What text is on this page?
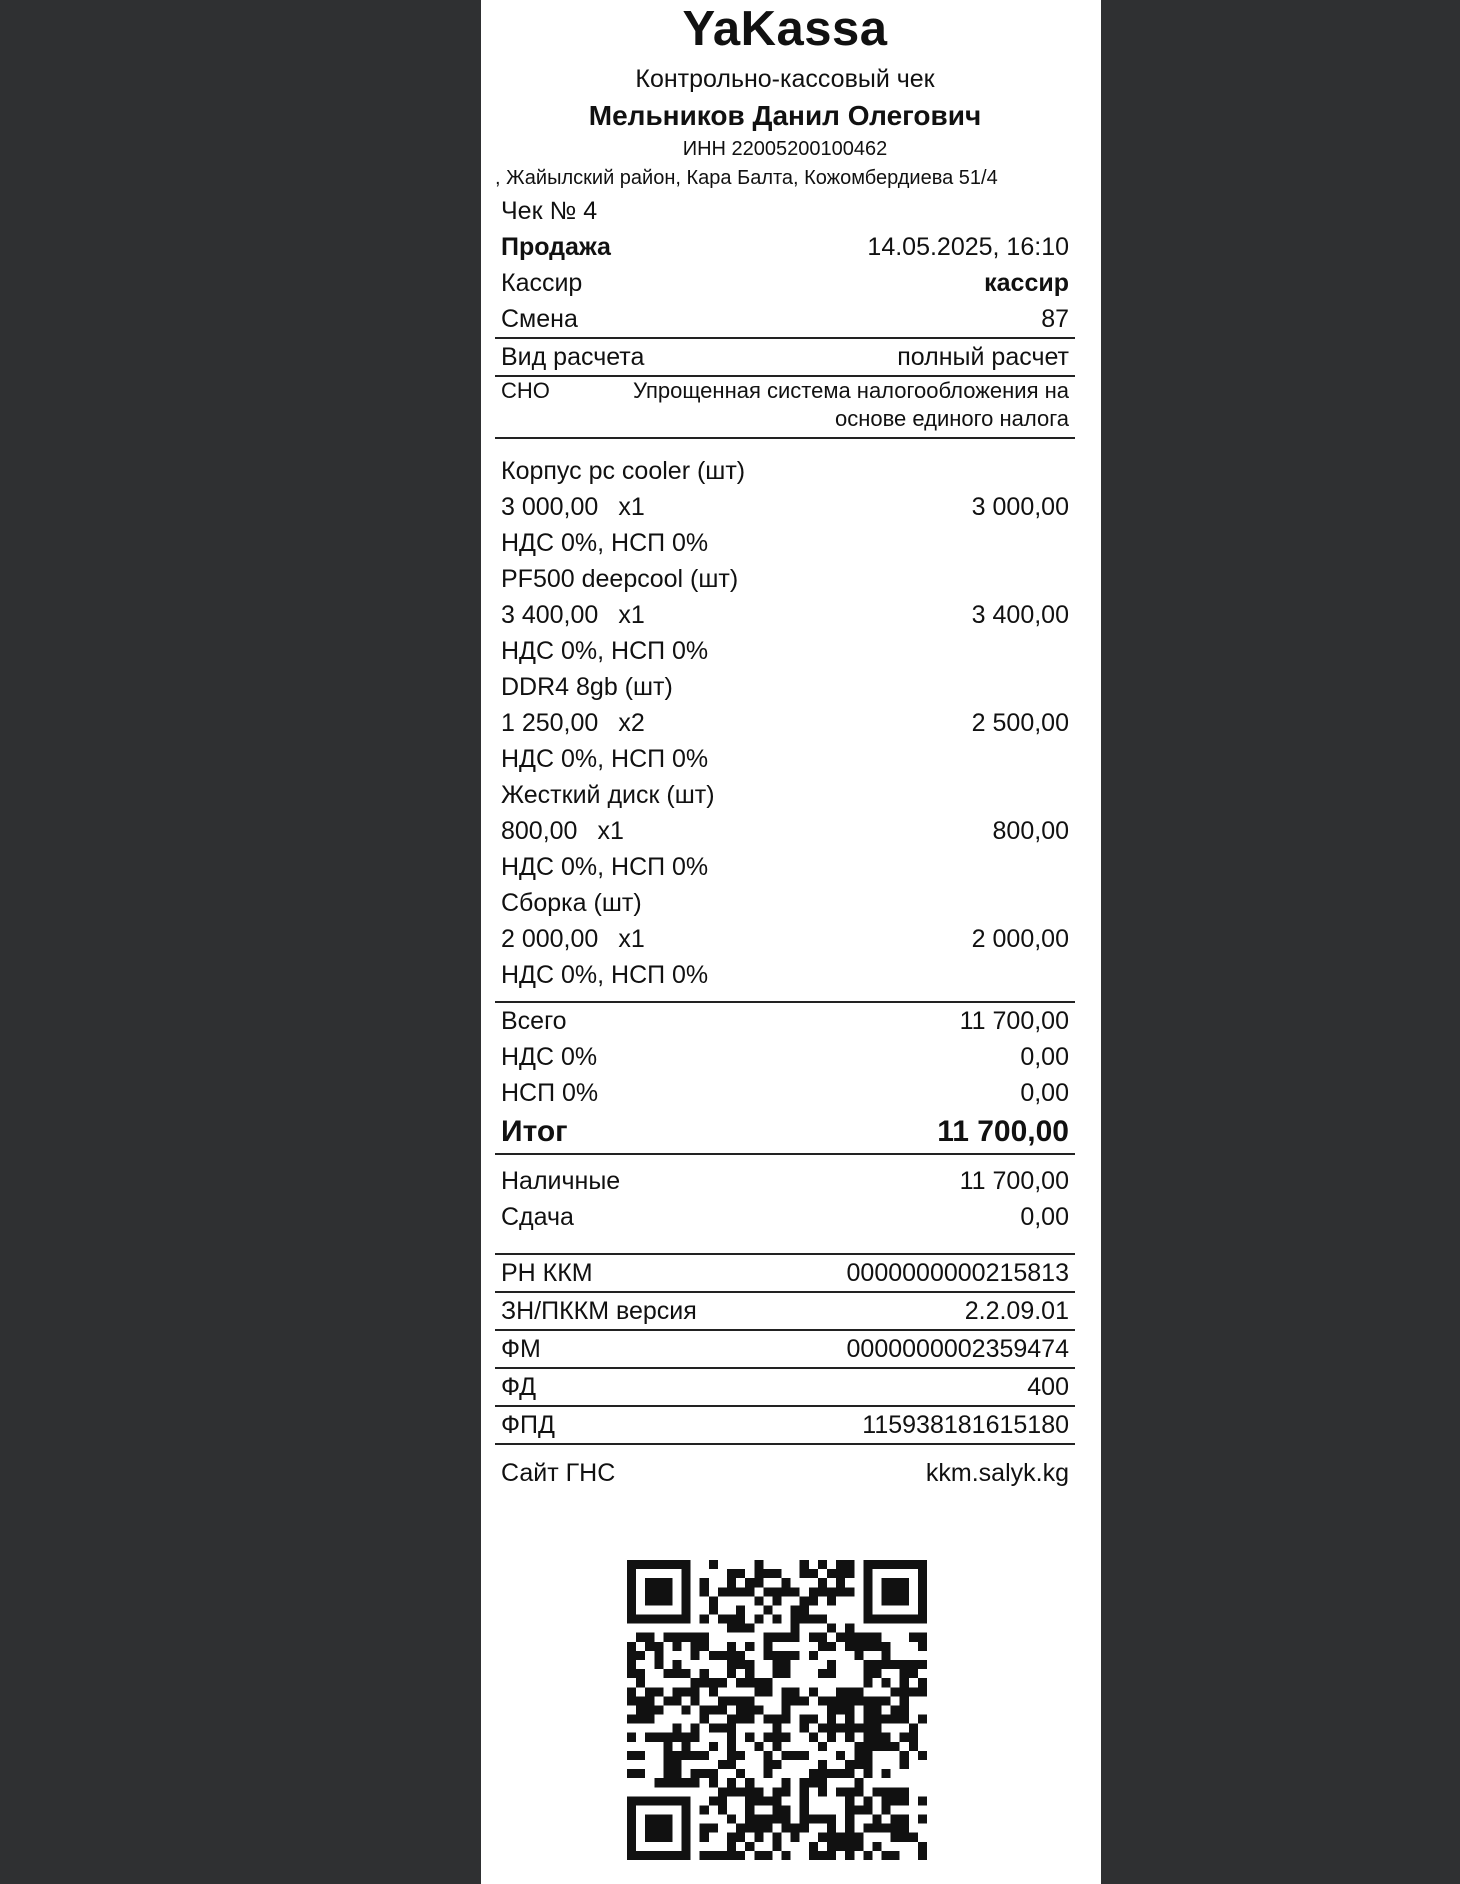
YaKassa
Контрольно-кассовый чек
Мельников Данил Олегович
ИНН 22005200100462
, Жайылский район, Кара Балта, Кожомбердиева 51/4
Чек № 4
Продажа	14.05.2025, 16:10
Кассир	кассир
Смена	87
Вид расчета	полный расчет
СНО	Упрощенная система налогообложения на основе единого налога
Корпус pc cooler (шт)
3 000,00 x1	3 000,00
НДС 0%, НСП 0%
PF500 deepcool (шт)
3 400,00 x1	3 400,00
НДС 0%, НСП 0%
DDR4 8gb (шт)
1 250,00 x2	2 500,00
НДС 0%, НСП 0%
Жесткий диск (шт)
800,00 x1	800,00
НДС 0%, НСП 0%
Сборка (шт)
2 000,00 x1	2 000,00
НДС 0%, НСП 0%
Всего	11 700,00
НДС 0%	0,00
НСП 0%	0,00
Итог	11 700,00
Наличные	11 700,00
Сдача	0,00
РН ККМ	0000000000215813
ЗН/ПККМ версия	2.2.09.01
ФМ	0000000002359474
ФД	400
ФПД	115938181615180
Сайт ГНС	kkm.salyk.kg
